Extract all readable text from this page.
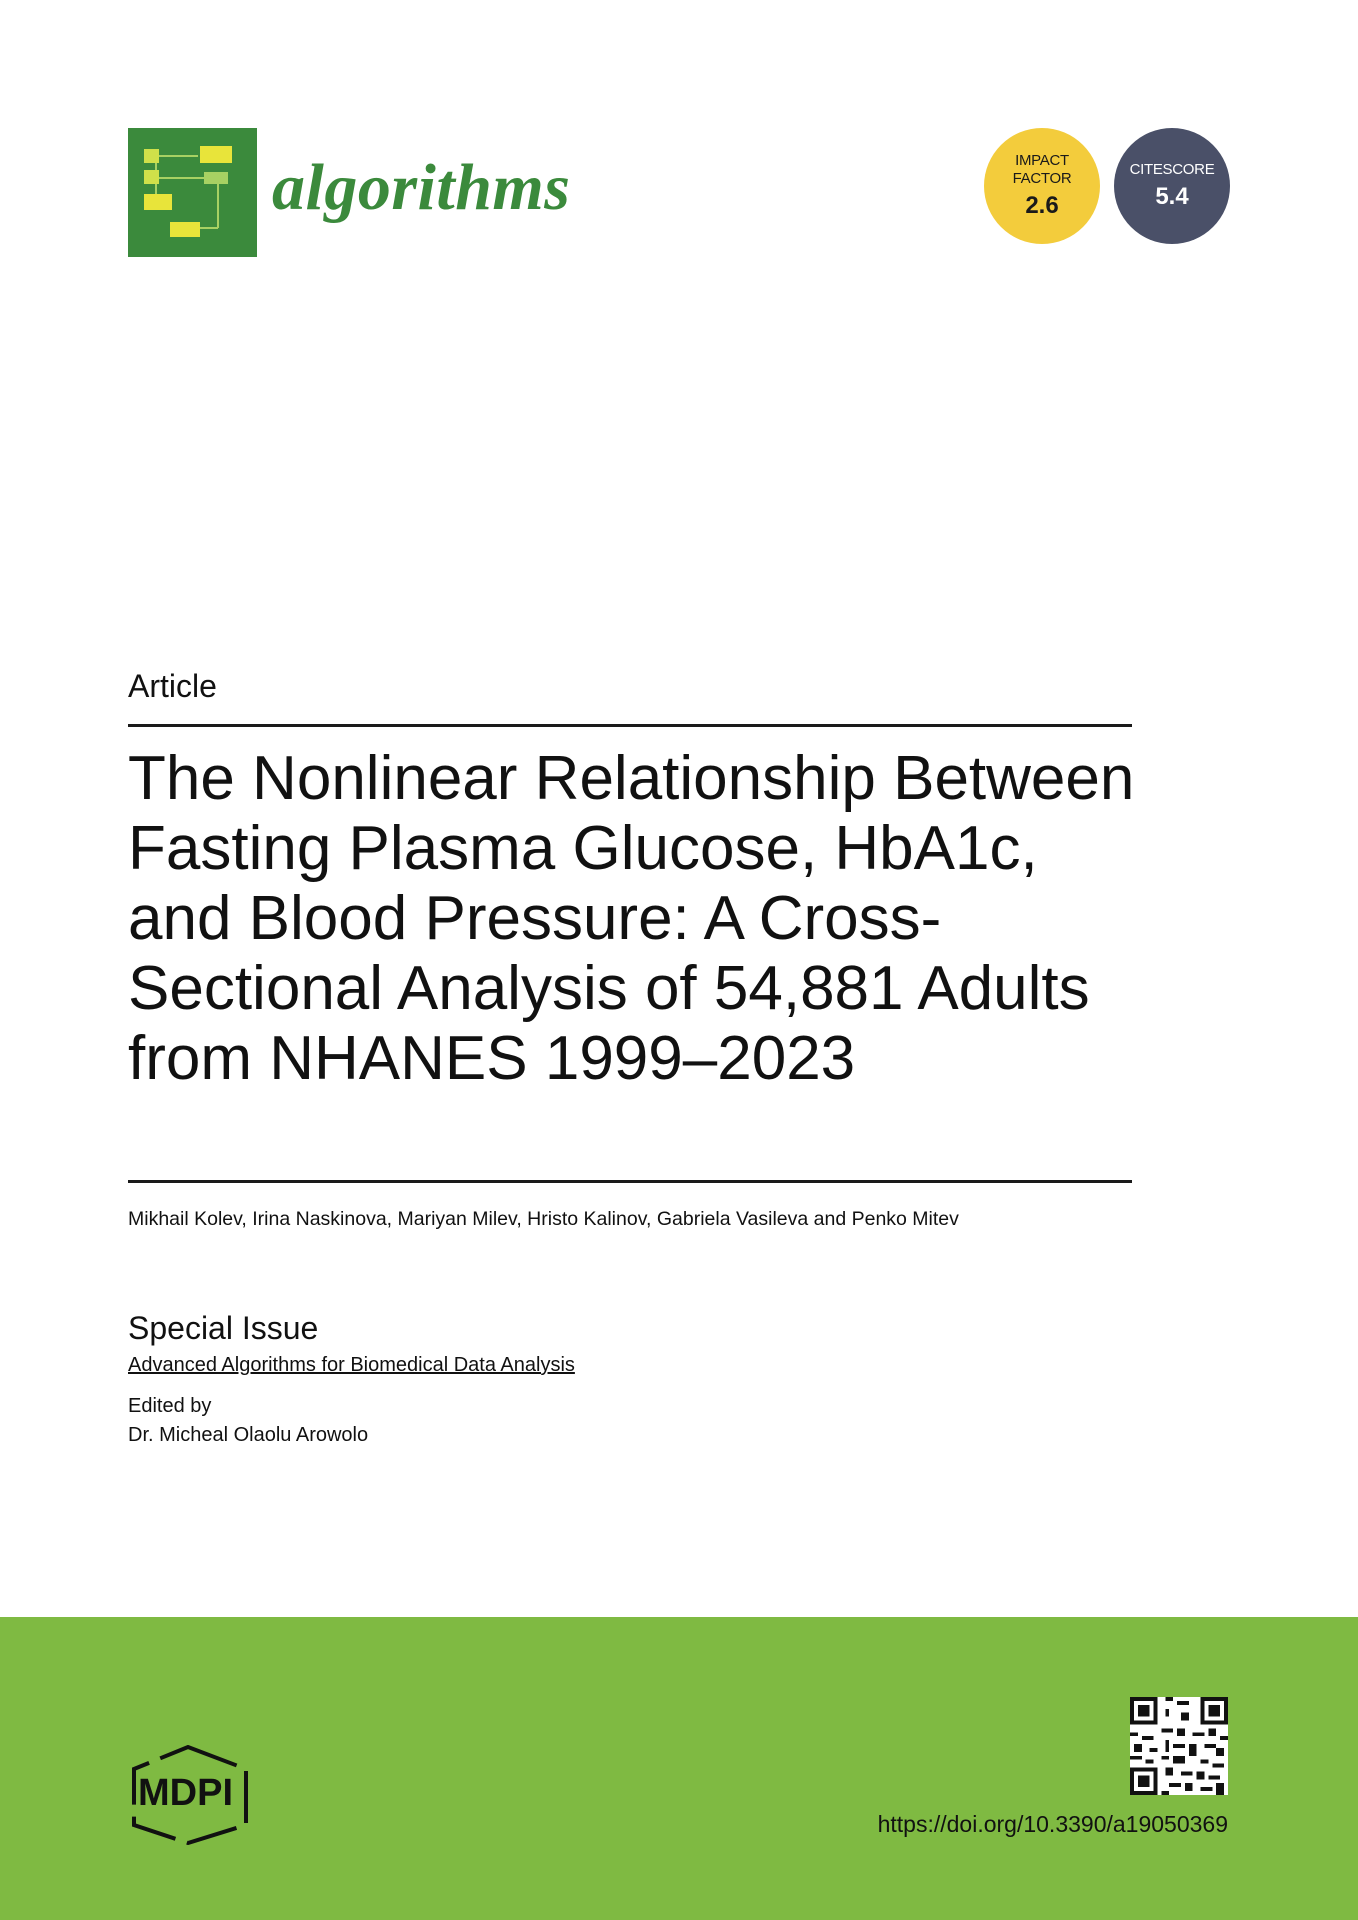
algorithms	IMPACT
FACTOR
2.6
CITESCORE
5.4
Article
The Nonlinear Relationship Between Fasting Plasma Glucose, HbA1c, and Blood Pressure: A Cross-Sectional Analysis of 54,881 Adults from NHANES 1999–2023
Mikhail Kolev, Irina Naskinova, Mariyan Milev, Hristo Kalinov, Gabriela Vasileva and Penko Mitev
Special Issue
Advanced Algorithms for Biomedical Data Analysis
Edited by
Dr. Micheal Olaolu Arowolo
MDPI
https://doi.org/10.3390/a19050369
